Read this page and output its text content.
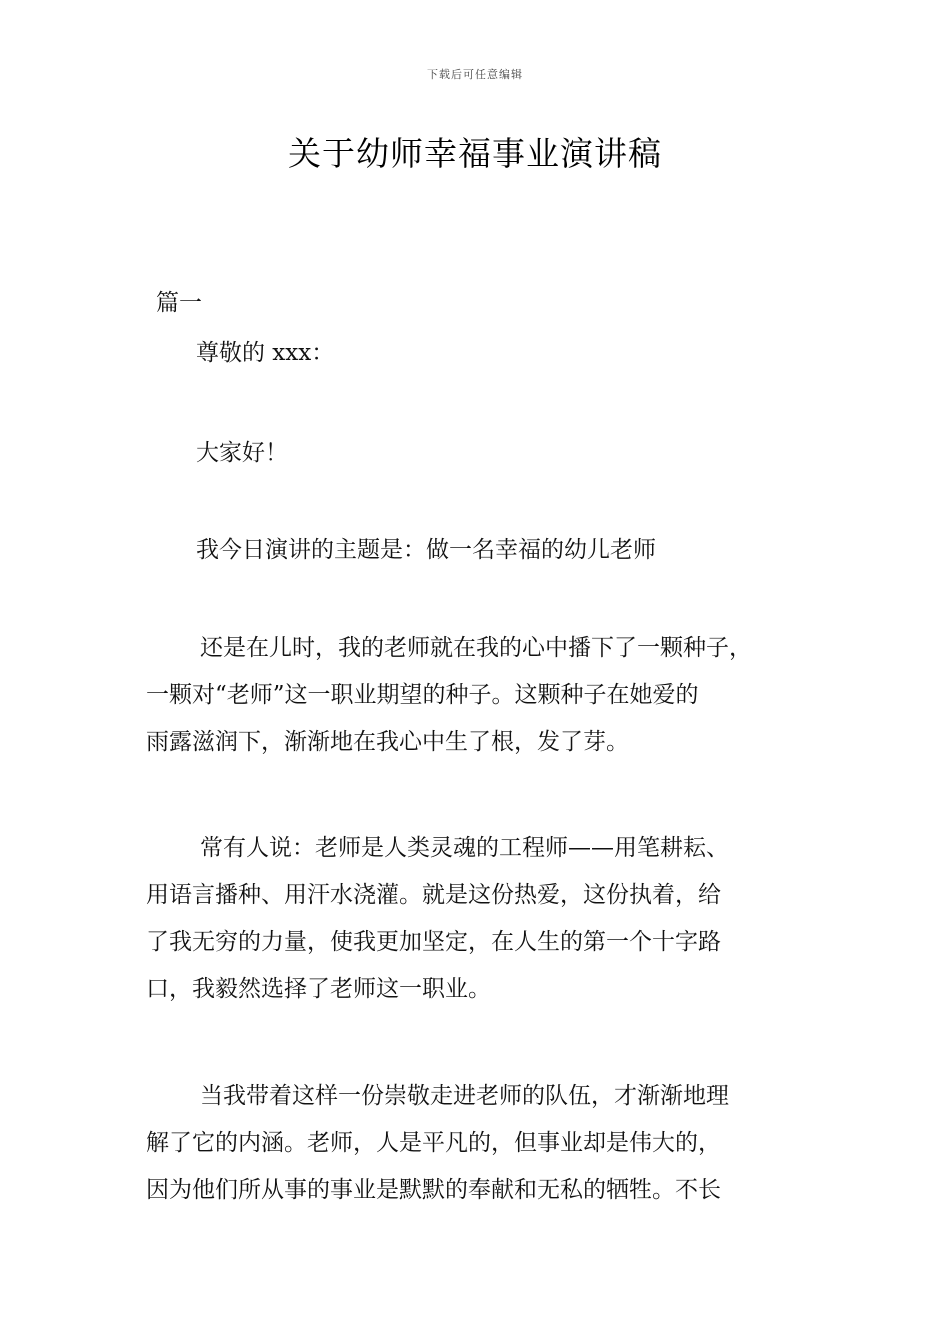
下载后可任意编辑
关于幼师幸福事业演讲稿
篇一
尊敬的 xxx：
大家好！
我今日演讲的主题是：做一名幸福的幼儿老师
还是在儿时，我的老师就在我的心中播下了一颗种子，
一颗对“老师”这一职业期望的种子。这颗种子在她爱的
雨露滋润下，渐渐地在我心中生了根，发了芽。
常有人说：老师是人类灵魂的工程师——用笔耕耘、
用语言播种、用汗水浇灌。就是这份热爱，这份执着，给
了我无穷的力量，使我更加坚定，在人生的第一个十字路
口，我毅然选择了老师这一职业。
当我带着这样一份崇敬走进老师的队伍，才渐渐地理
解了它的内涵。老师，人是平凡的，但事业却是伟大的，
因为他们所从事的事业是默默的奉献和无私的牺牲。不长
